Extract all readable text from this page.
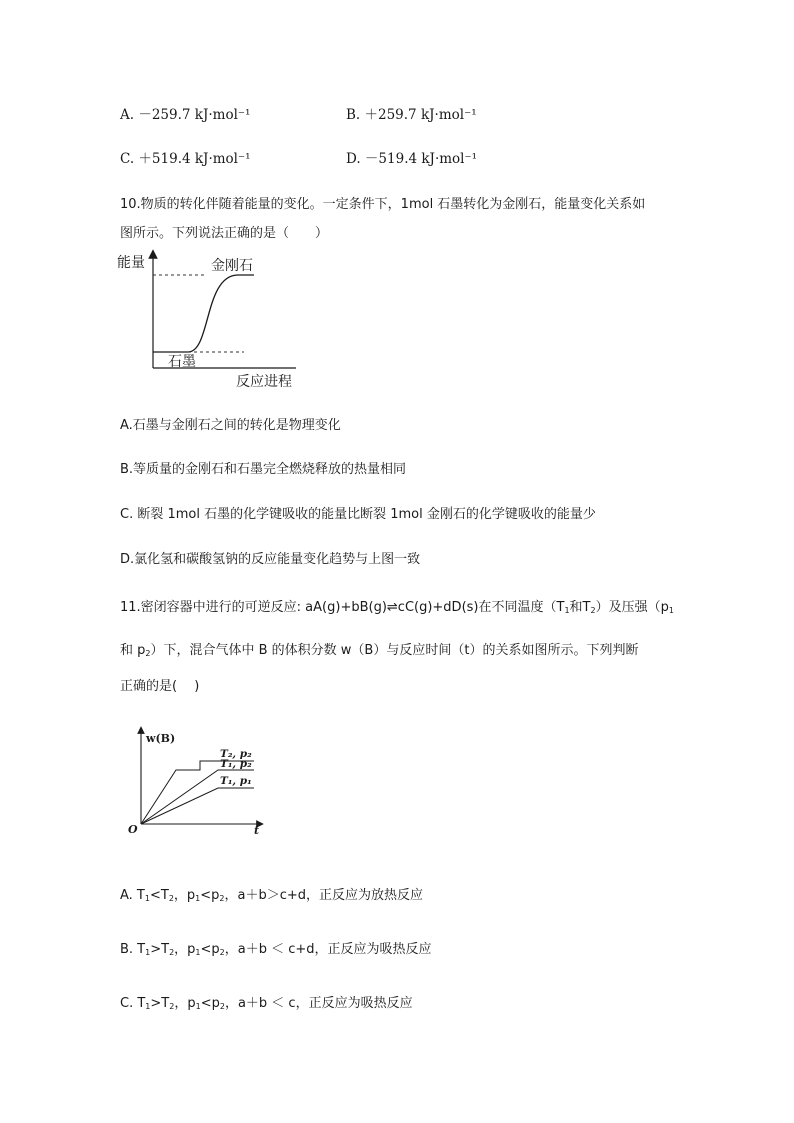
A. －259.7 kJ·mol⁻¹	B. ＋259.7 kJ·mol⁻¹
C. ＋519.4 kJ·mol⁻¹	D. －519.4 kJ·mol⁻¹
10.物质的转化伴随着能量的变化。一定条件下，1mol 石墨转化为金刚石，能量变化关系如
图所示。下列说法正确的是（　　）
能量	金刚石
石墨
反应进程
A.石墨与金刚石之间的转化是物理变化
B.等质量的金刚石和石墨完全燃烧释放的热量相同
C. 断裂 1mol 石墨的化学键吸收的能量比断裂 1mol 金刚石的化学键吸收的能量少
D.氯化氢和碳酸氢钠的反应能量变化趋势与上图一致
11.密闭容器中进行的可逆反应: aA(g)+bB(g)⇌cC(g)+dD(s)在不同温度（$T_1$和$T_2$）及压强（$p_1$
和 $p_2$）下，混合气体中 B 的体积分数 w（B）与反应时间（t）的关系如图所示。下列判断
正确的是(　 )
w(B)
O	t
T₂, p₂
T₁, p₂
T₁, p₁
A. $T_1<T_2$，$p_1<p_2$，a＋b＞c+d，正反应为放热反应
B. $T_1>T_2$，$p_1<p_2$，a＋b ＜ c+d，正反应为吸热反应
C. $T_1>T_2$，$p_1<p_2$，a＋b ＜ c，正反应为吸热反应
